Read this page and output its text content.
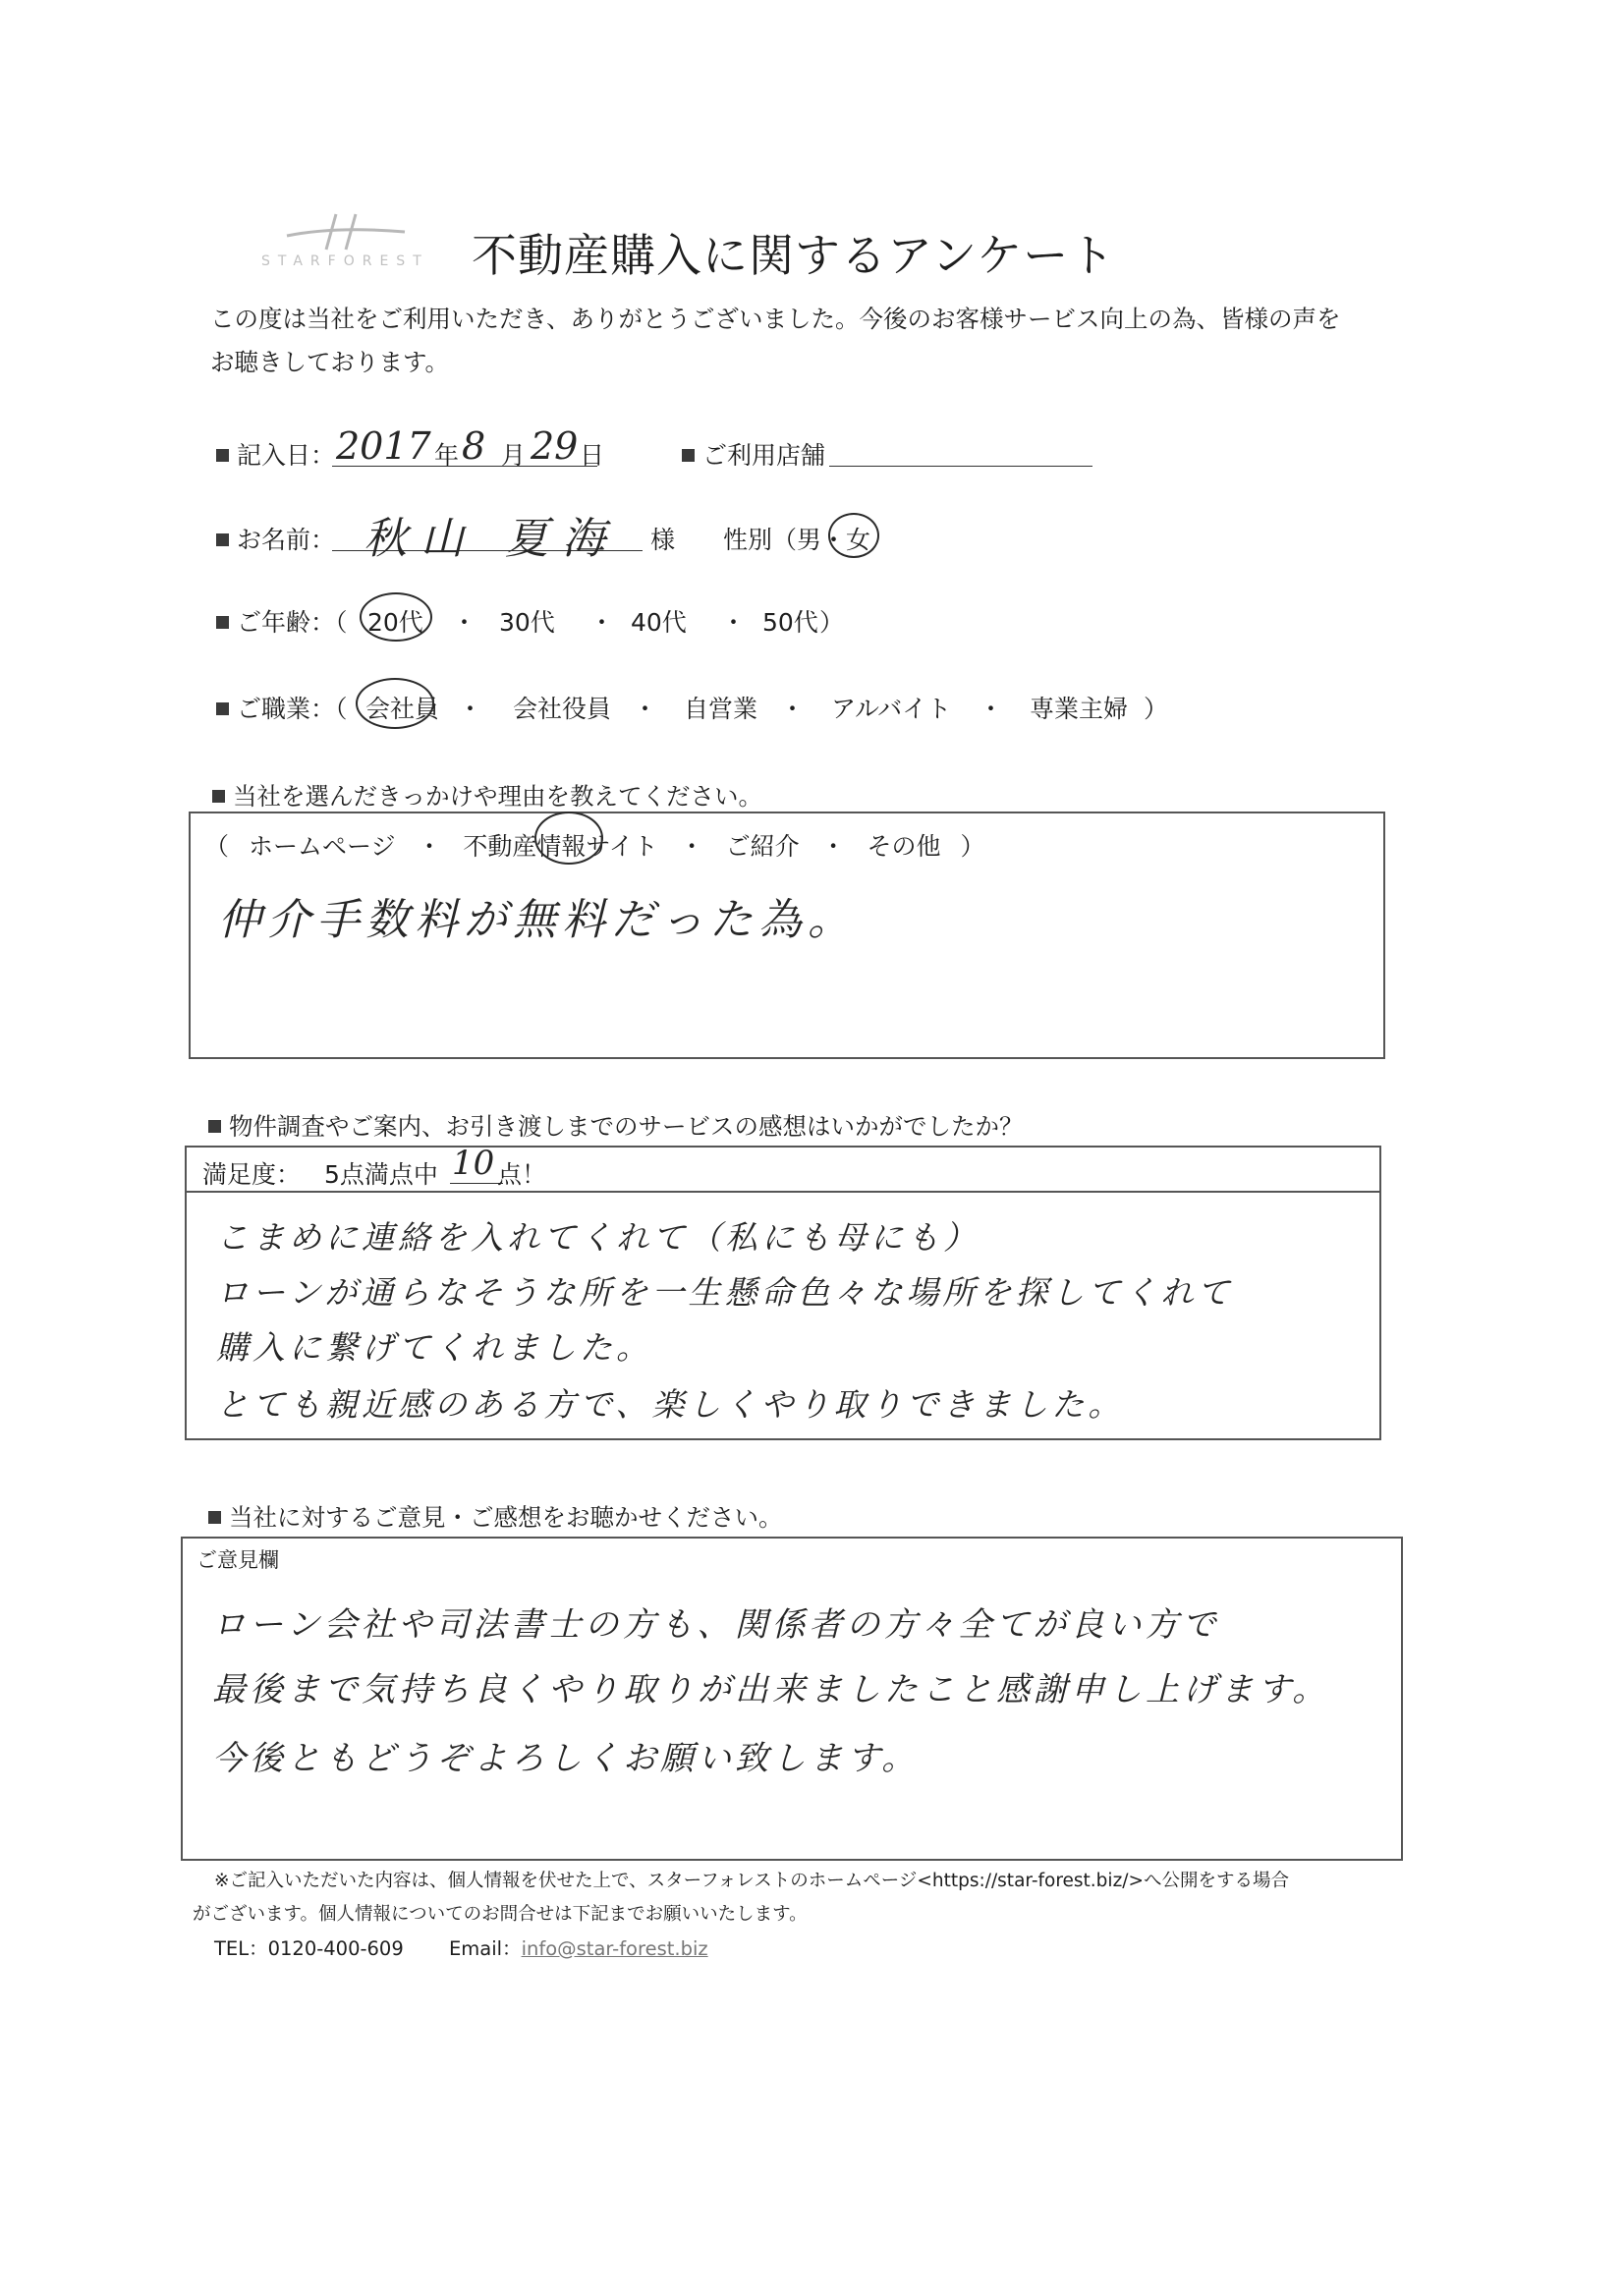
STARFOREST 不動産購入に関するアンケート
この度は当社をご利用いただき、ありがとうございました。今後のお客様サービス向上の為、皆様の声を
お聴きしております。
記入日： 2017 年 8 月 29 日	ご利用店舗
お名前： 秋山 夏海 様 性別（男・女
ご年齢：（ 20代 ・ 30代 ・ 40代 ・ 50代 ）
ご職業：（ 会社員 ・ 会社役員 ・ 自営業 ・ アルバイト ・ 専業主婦 ）
当社を選んだきっかけや理由を教えてください。
（ ホームページ ・ 不動産情報サイト ・ ご紹介 ・ その他 ）
仲介手数料が無料だった為。
物件調査やご案内、お引き渡しまでのサービスの感想はいかがでしたか？
満足度： 5点満点中 10 点！
こまめに連絡を入れてくれて（私にも母にも）
ローンが通らなそうな所を一生懸命色々な場所を探してくれて
購入に繋げてくれました。
とても親近感のある方で、楽しくやり取りできました。
当社に対するご意見・ご感想をお聴かせください。
ご意見欄
ローン会社や司法書士の方も、関係者の方々全てが良い方で
最後まで気持ち良くやり取りが出来ましたこと感謝申し上げます。
今後ともどうぞよろしくお願い致します。
※ご記入いただいた内容は、個人情報を伏せた上で、スターフォレストのホームページ<https://star-forest.biz/>へ公開をする場合
がございます。個人情報についてのお問合せは下記までお願いいたします。
TEL：0120-400-609 Email：info@star-forest.biz
